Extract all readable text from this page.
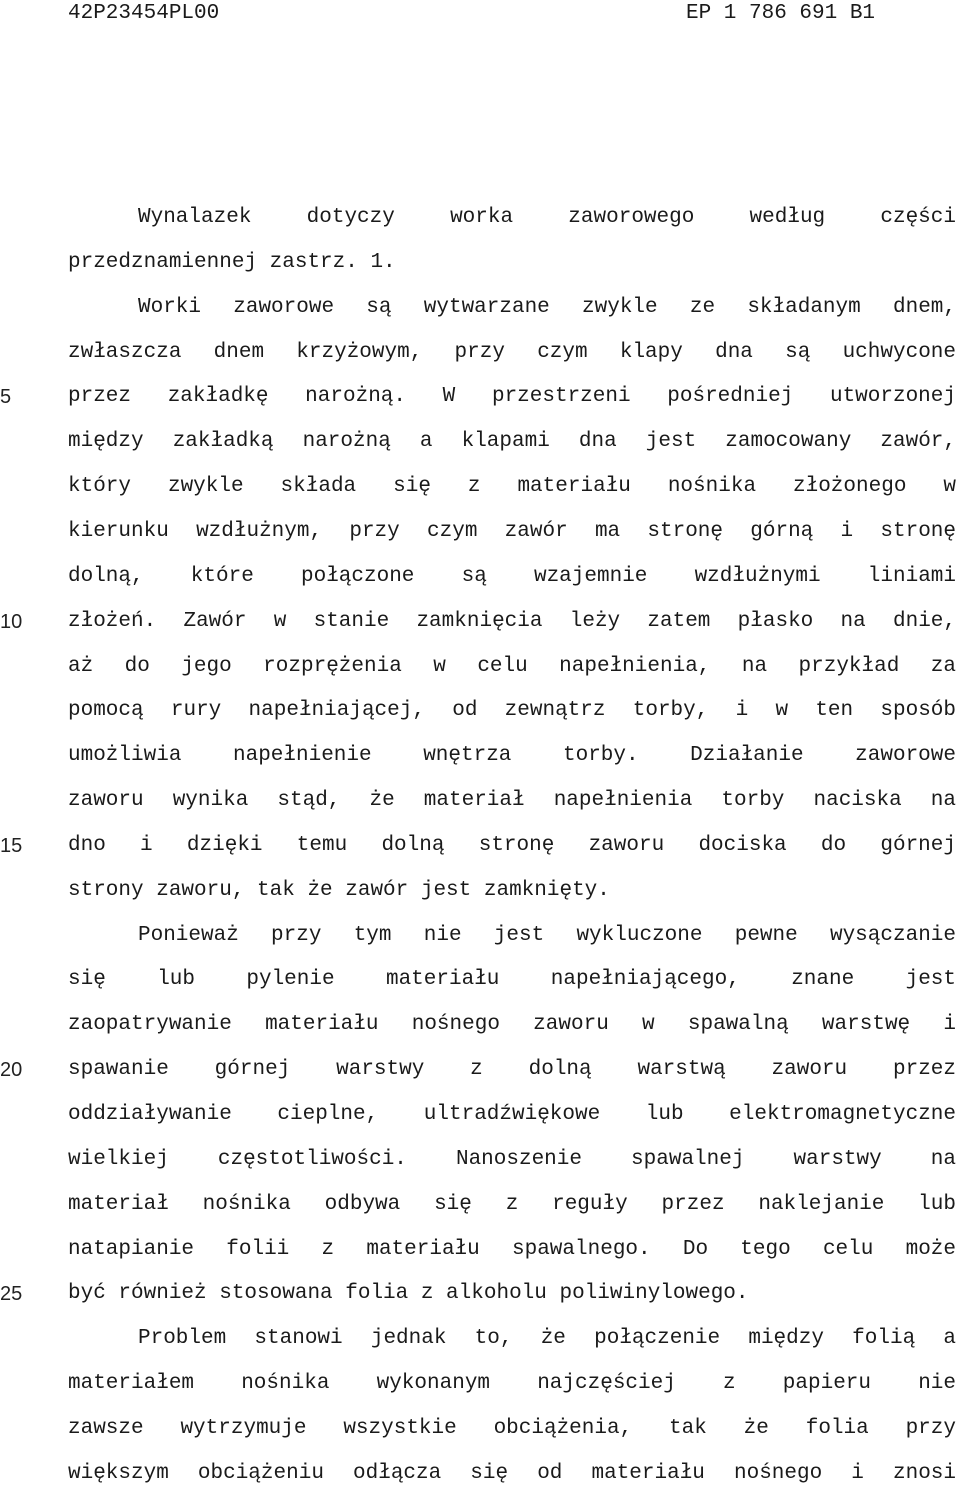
42P23454PL00	EP 1 786 691 B1
Wynalazek dotyczy worka zaworowego według części
przedznamiennej zastrz. 1.
Worki zaworowe są wytwarzane zwykle ze składanym dnem,
zwłaszcza dnem krzyżowym, przy czym klapy dna są uchwycone
przez zakładkę narożną. W przestrzeni pośredniej utworzonej
między zakładką narożną a klapami dna jest zamocowany zawór,
który zwykle składa się z materiału nośnika złożonego w
kierunku wzdłużnym, przy czym zawór ma stronę górną i stronę
dolną, które połączone są wzajemnie wzdłużnymi liniami
złożeń. Zawór w stanie zamknięcia leży zatem płasko na dnie,
aż do jego rozprężenia w celu napełnienia, na przykład za
pomocą rury napełniającej, od zewnątrz torby, i w ten sposób
umożliwia napełnienie wnętrza torby. Działanie zaworowe
zaworu wynika stąd, że materiał napełnienia torby naciska na
dno i dzięki temu dolną stronę zaworu dociska do górnej
strony zaworu, tak że zawór jest zamknięty.
Ponieważ przy tym nie jest wykluczone pewne wysączanie
się lub pylenie materiału napełniającego, znane jest
zaopatrywanie materiału nośnego zaworu w spawalną warstwę i
spawanie górnej warstwy z dolną warstwą zaworu przez
oddziaływanie cieplne, ultradźwiękowe lub elektromagnetyczne
wielkiej częstotliwości. Nanoszenie spawalnej warstwy na
materiał nośnika odbywa się z reguły przez naklejanie lub
natapianie folii z materiału spawalnego. Do tego celu może
być również stosowana folia z alkoholu poliwinylowego.
Problem stanowi jednak to, że połączenie między folią a
materiałem nośnika wykonanym najczęściej z papieru nie
zawsze wytrzymuje wszystkie obciążenia, tak że folia przy
większym obciążeniu odłącza się od materiału nośnego i znosi
5
10
15
20
25
